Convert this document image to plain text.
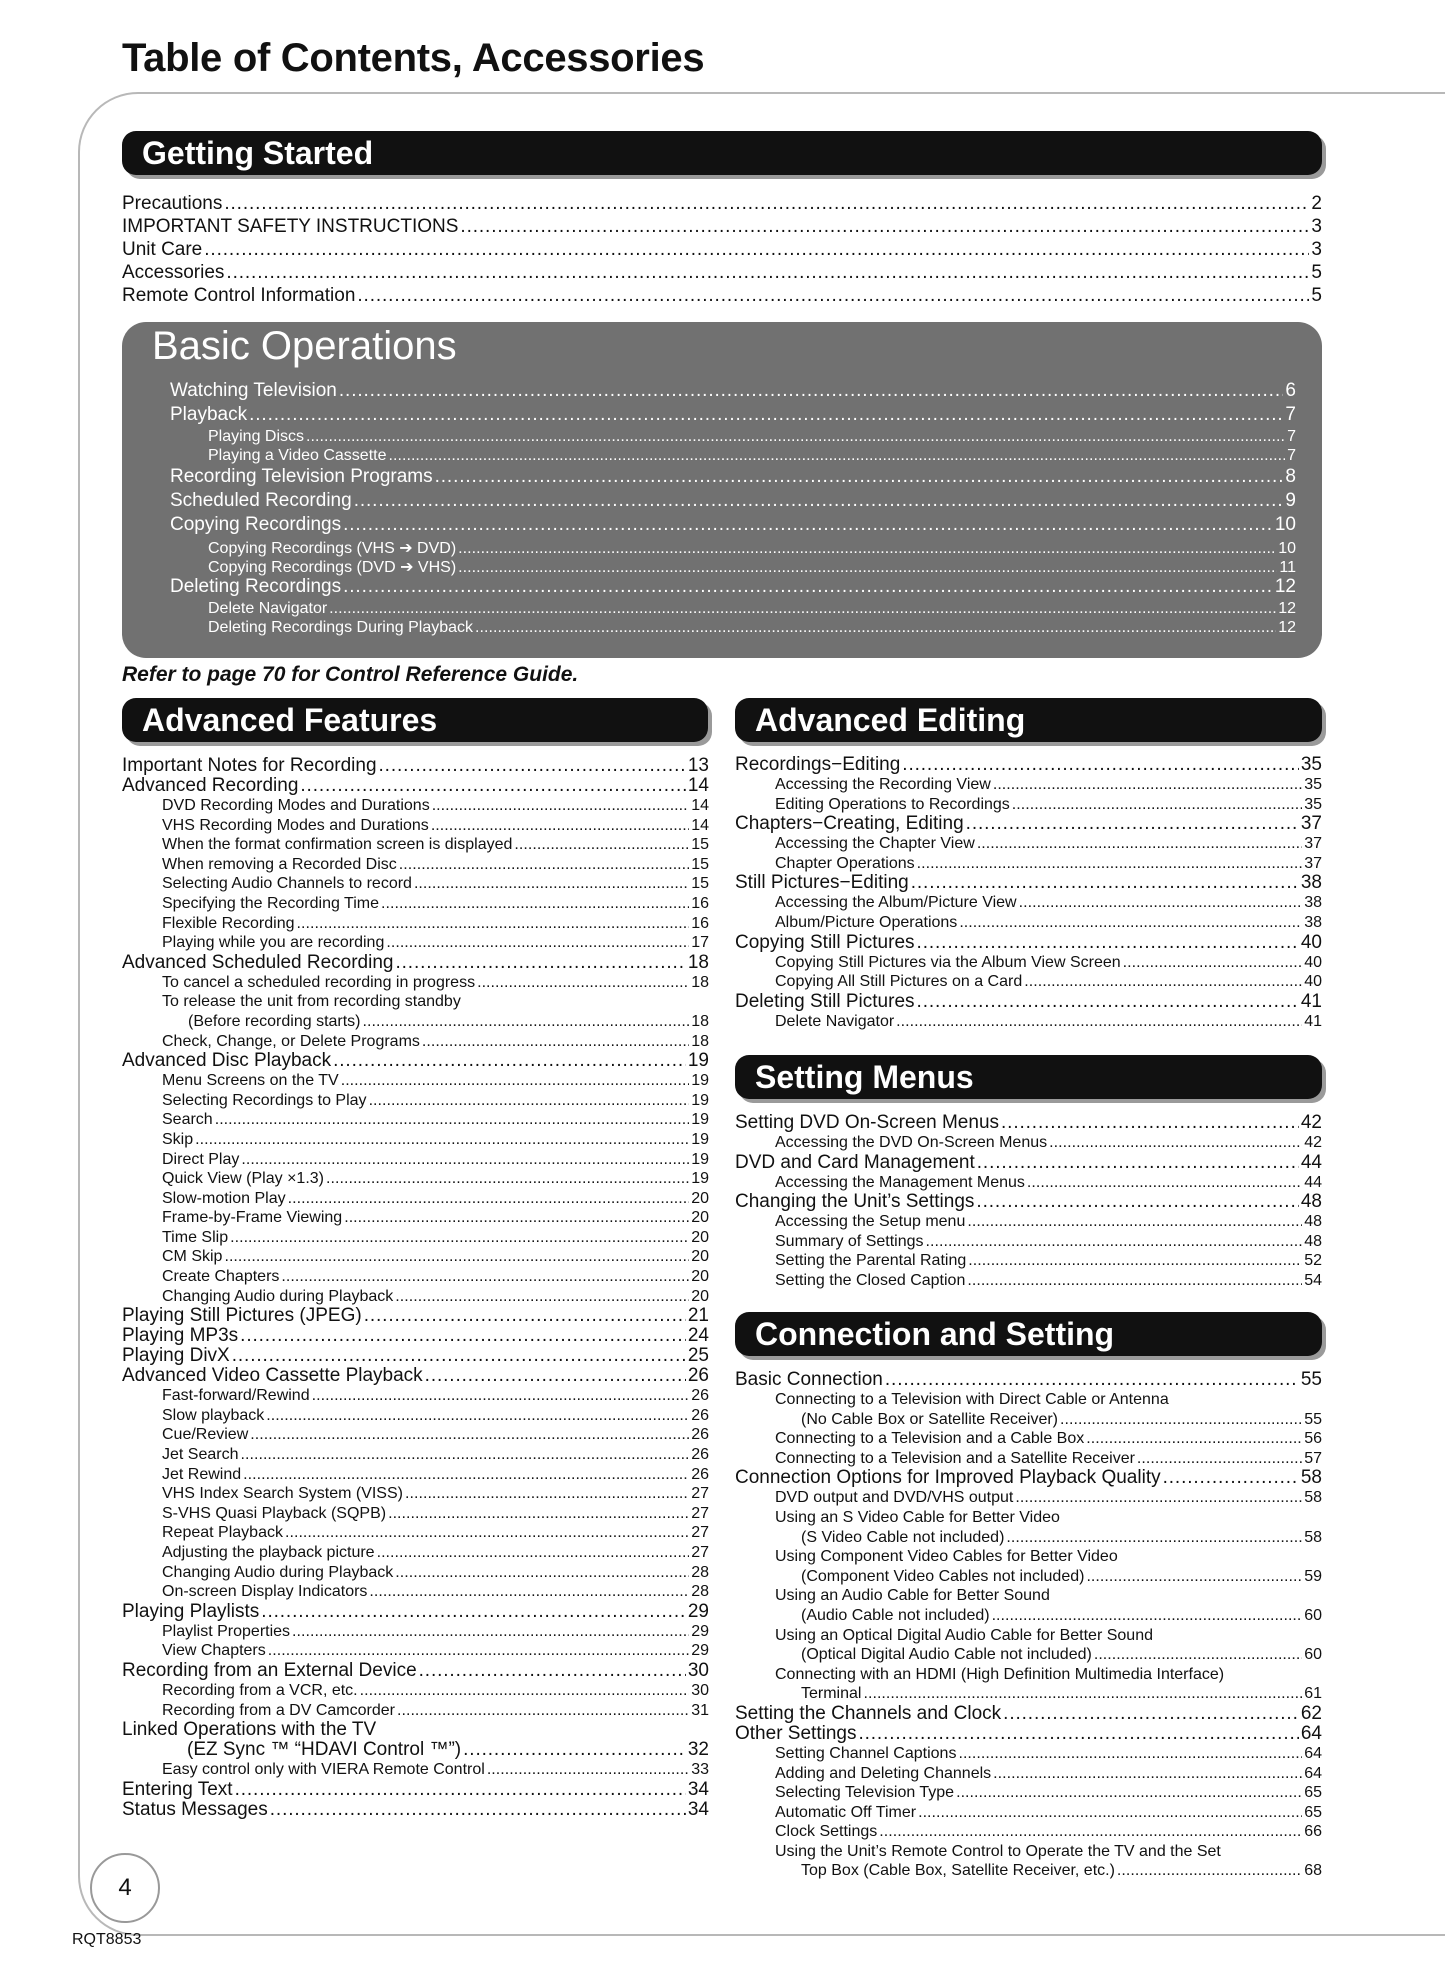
Table of Contents, Accessories
Getting Started
Precautions . . .	2
IMPORTANT SAFETY INSTRUCTIONS . . .	3
Unit Care . . .	3
Accessories . . .	5
Remote Control Information . . .	5
Basic Operations
Watching Television . . .	6
Playback . . .	7
Playing Discs . . .	7
Playing a Video Cassette . . .	7
Recording Television Programs . . .	8
Scheduled Recording . . .	9
Copying Recordings . . .	10
Copying Recordings (VHS ➔ DVD) . . .	10
Copying Recordings (DVD ➔ VHS) . . .	11
Deleting Recordings . . .	12
Delete Navigator . . .	12
Deleting Recordings During Playback . . .	12
Refer to page 70 for Control Reference Guide.
Advanced Features
Important Notes for Recording . . .	13
Advanced Recording . . .	14
DVD Recording Modes and Durations . . .	14
VHS Recording Modes and Durations . . .	14
When the format confirmation screen is displayed . . .	15
When removing a Recorded Disc . . .	15
Selecting Audio Channels to record . . .	15
Specifying the Recording Time . . .	16
Flexible Recording . . .	16
Playing while you are recording . . .	17
Advanced Scheduled Recording . . .	18
To cancel a scheduled recording in progress . . .	18
To release the unit from recording standby
(Before recording starts) . . .	18
Check, Change, or Delete Programs . . .	18
Advanced Disc Playback . . .	19
Menu Screens on the TV . . .	19
Selecting Recordings to Play . . .	19
Search . . .	19
Skip . . .	19
Direct Play . . .	19
Quick View (Play ×1.3) . . .	19
Slow-motion Play . . .	20
Frame-by-Frame Viewing . . .	20
Time Slip . . .	20
CM Skip . . .	20
Create Chapters . . .	20
Changing Audio during Playback . . .	20
Playing Still Pictures (JPEG) . . .	21
Playing MP3s . . .	24
Playing DivX . . .	25
Advanced Video Cassette Playback . . .	26
Fast-forward/Rewind . . .	26
Slow playback . . .	26
Cue/Review . . .	26
Jet Search . . .	26
Jet Rewind . . .	26
VHS Index Search System (VISS) . . .	27
S-VHS Quasi Playback (SQPB) . . .	27
Repeat Playback . . .	27
Adjusting the playback picture . . .	27
Changing Audio during Playback . . .	28
On-screen Display Indicators . . .	28
Playing Playlists . . .	29
Playlist Properties . . .	29
View Chapters . . .	29
Recording from an External Device . . .	30
Recording from a VCR, etc. . . .	30
Recording from a DV Camcorder . . .	31
Linked Operations with the TV
(EZ Sync ™ “HDAVI Control ™”) . . .	32
Easy control only with VIERA Remote Control . . .	33
Entering Text . . .	34
Status Messages . . .	34
Advanced Editing
Recordings−Editing . . .	35
Accessing the Recording View . . .	35
Editing Operations to Recordings . . .	35
Chapters−Creating, Editing . . .	37
Accessing the Chapter View . . .	37
Chapter Operations . . .	37
Still Pictures−Editing . . .	38
Accessing the Album/Picture View . . .	38
Album/Picture Operations . . .	38
Copying Still Pictures . . .	40
Copying Still Pictures via the Album View Screen . . .	40
Copying All Still Pictures on a Card . . .	40
Deleting Still Pictures . . .	41
Delete Navigator . . .	41
Setting Menus
Setting DVD On-Screen Menus . . .	42
Accessing the DVD On-Screen Menus . . .	42
DVD and Card Management . . .	44
Accessing the Management Menus . . .	44
Changing the Unit’s Settings . . .	48
Accessing the Setup menu . . .	48
Summary of Settings . . .	48
Setting the Parental Rating . . .	52
Setting the Closed Caption . . .	54
Connection and Setting
Basic Connection . . .	55
Connecting to a Television with Direct Cable or Antenna
(No Cable Box or Satellite Receiver) . . .	55
Connecting to a Television and a Cable Box . . .	56
Connecting to a Television and a Satellite Receiver . . .	57
Connection Options for Improved Playback Quality . . .	58
DVD output and DVD/VHS output . . .	58
Using an S Video Cable for Better Video
(S Video Cable not included) . . .	58
Using Component Video Cables for Better Video
(Component Video Cables not included) . . .	59
Using an Audio Cable for Better Sound
(Audio Cable not included) . . .	60
Using an Optical Digital Audio Cable for Better Sound
(Optical Digital Audio Cable not included) . . .	60
Connecting with an HDMI (High Definition Multimedia Interface)
Terminal . . .	61
Setting the Channels and Clock . . .	62
Other Settings . . .	64
Setting Channel Captions . . .	64
Adding and Deleting Channels . . .	64
Selecting Television Type . . .	65
Automatic Off Timer . . .	65
Clock Settings . . .	66
Using the Unit’s Remote Control to Operate the TV and the Set
Top Box (Cable Box, Satellite Receiver, etc.) . . .	68
4
RQT8853
